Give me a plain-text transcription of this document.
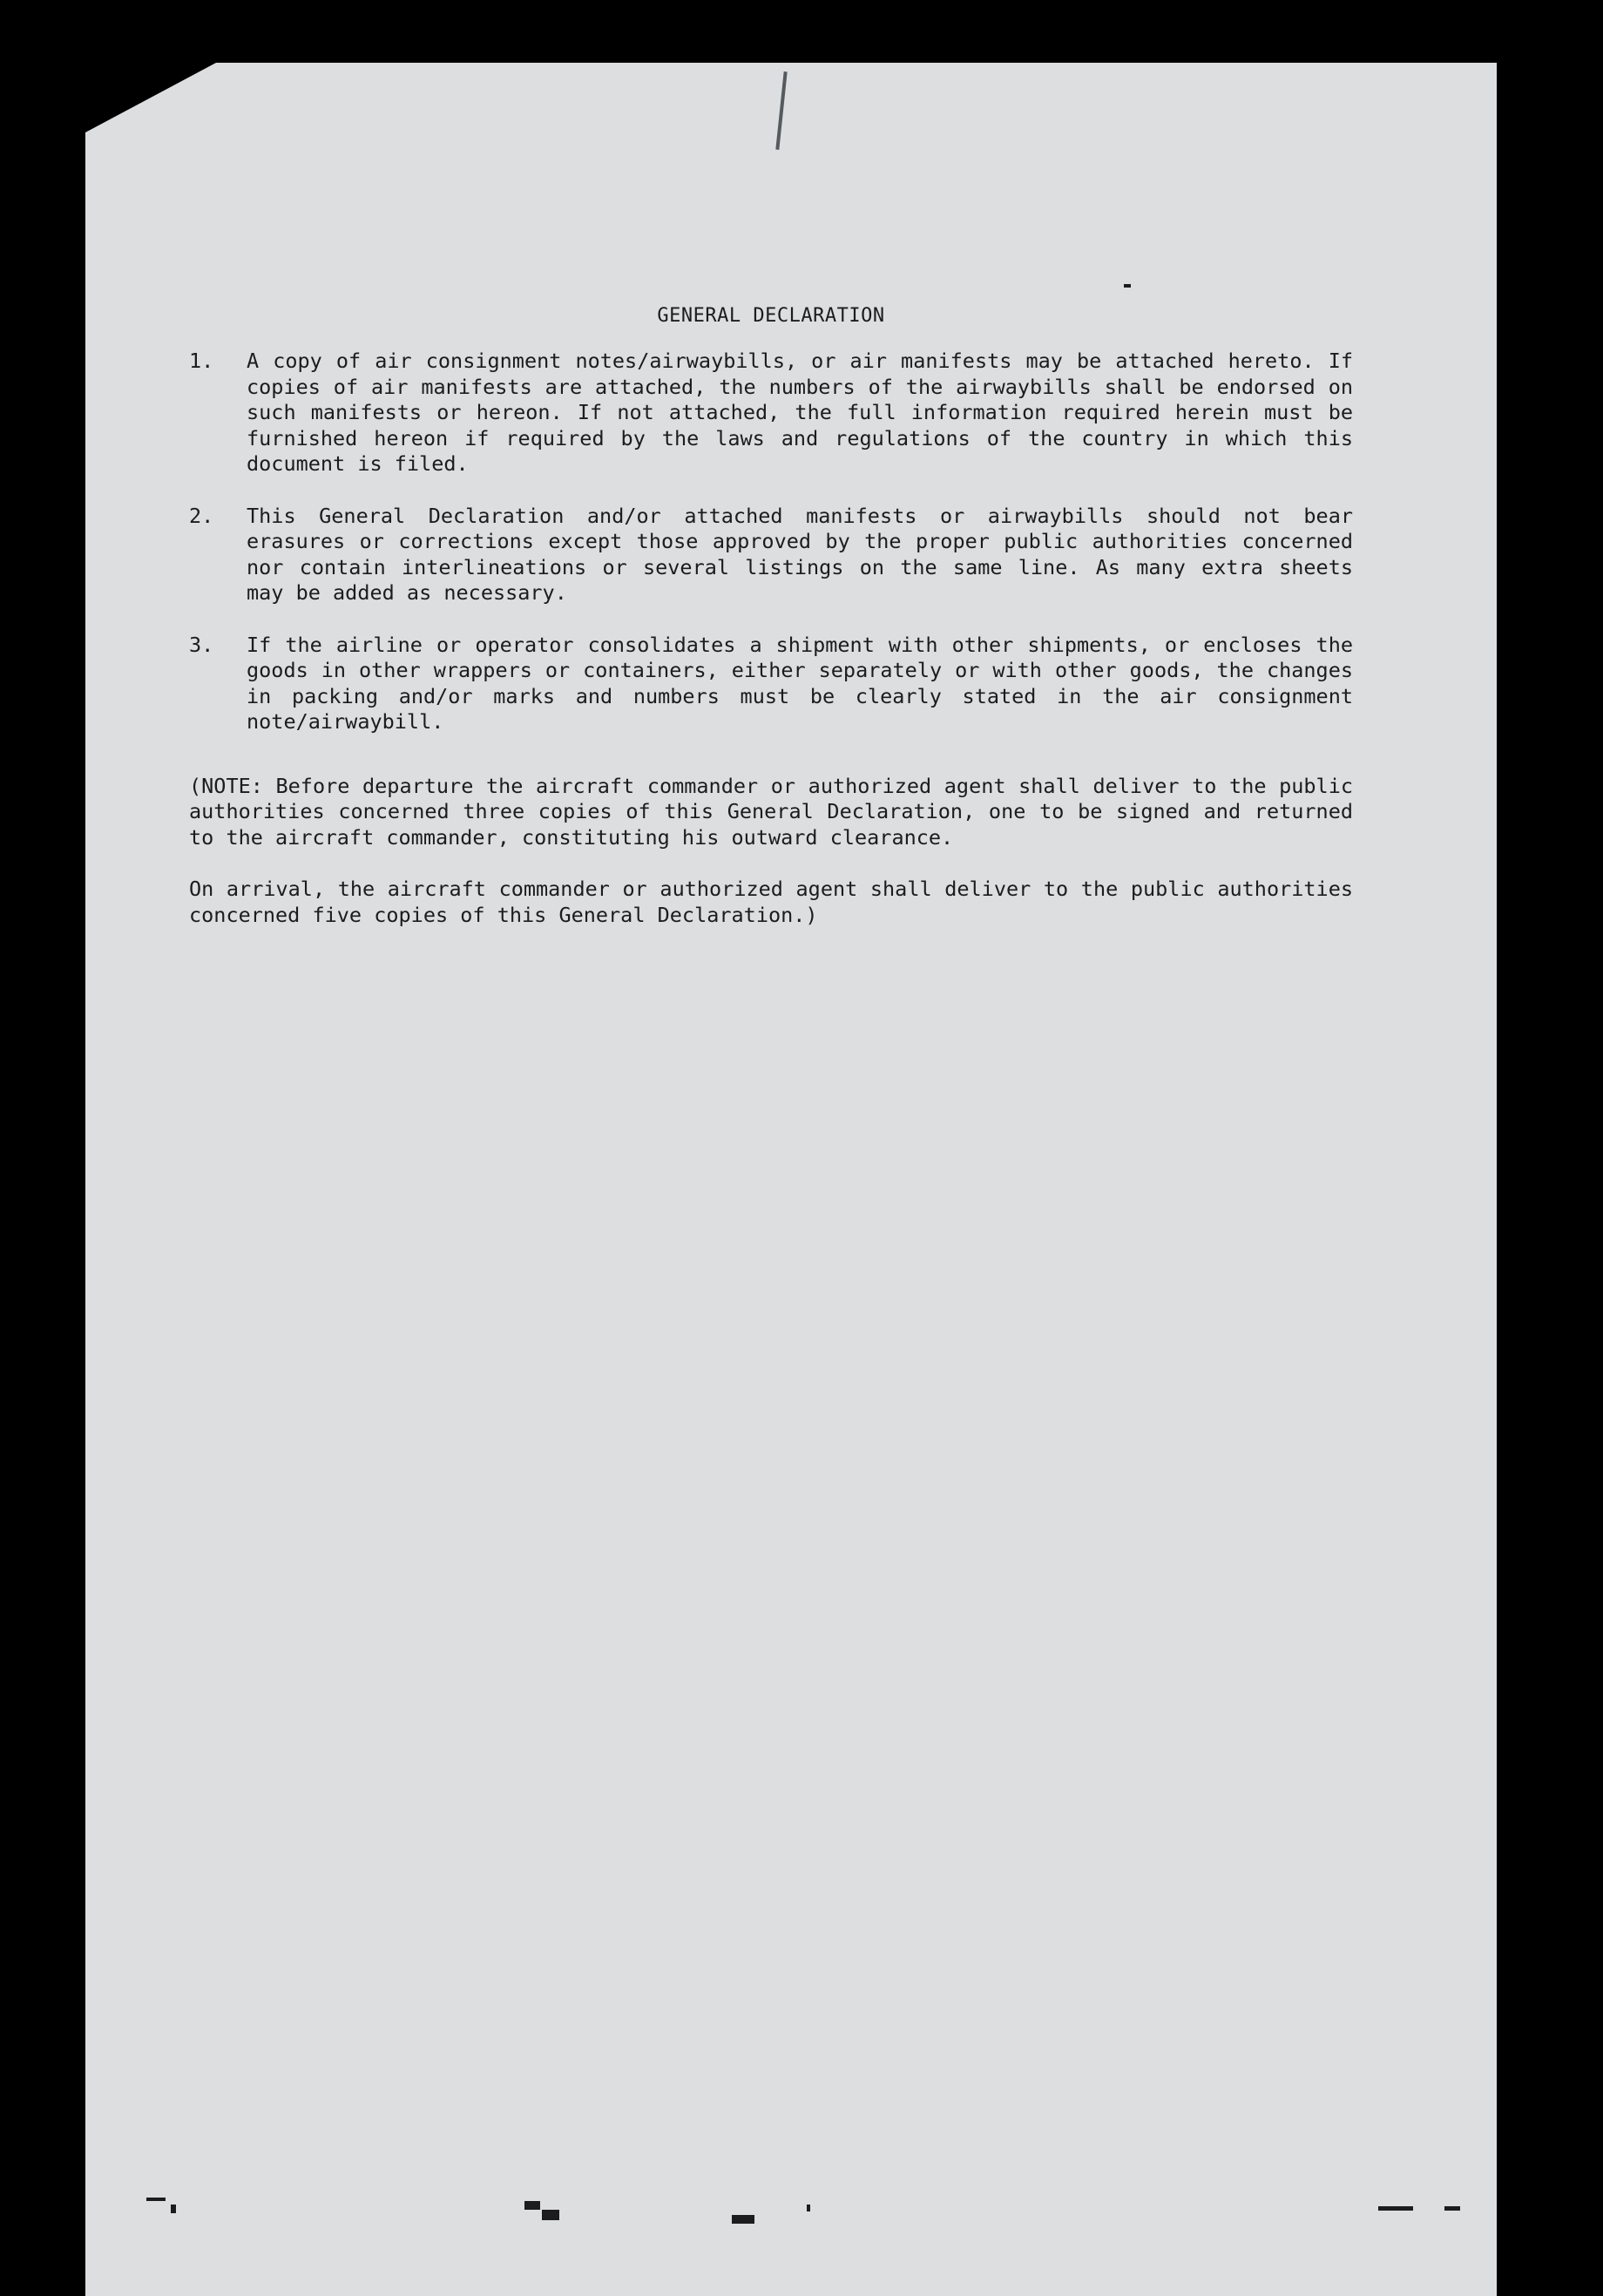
GENERAL DECLARATION
1.	A copy of air consignment notes/airwaybills, or air manifests may be attached hereto. If copies of air manifests are attached, the numbers of the airwaybills shall be endorsed on such manifests or hereon. If not attached, the full information required herein must be furnished hereon if required by the laws and regulations of the country in which this document is filed.

2.	This General Declaration and/or attached manifests or airwaybills should not bear erasures or corrections except those approved by the proper public authorities concerned nor contain interlineations or several listings on the same line. As many extra sheets may be added as necessary.

3.	If the airline or operator consolidates a shipment with other shipments, or encloses the goods in other wrappers or containers, either separately or with other goods, the changes in packing and/or marks and numbers must be clearly stated in the air consignment note/airwaybill.

(NOTE: Before departure the aircraft commander or authorized agent shall deliver to the public authorities concerned three copies of this General Declaration, one to be signed and returned to the aircraft commander, constituting his outward clearance.

On arrival, the aircraft commander or authorized agent shall deliver to the public authorities concerned five copies of this General Declaration.)
